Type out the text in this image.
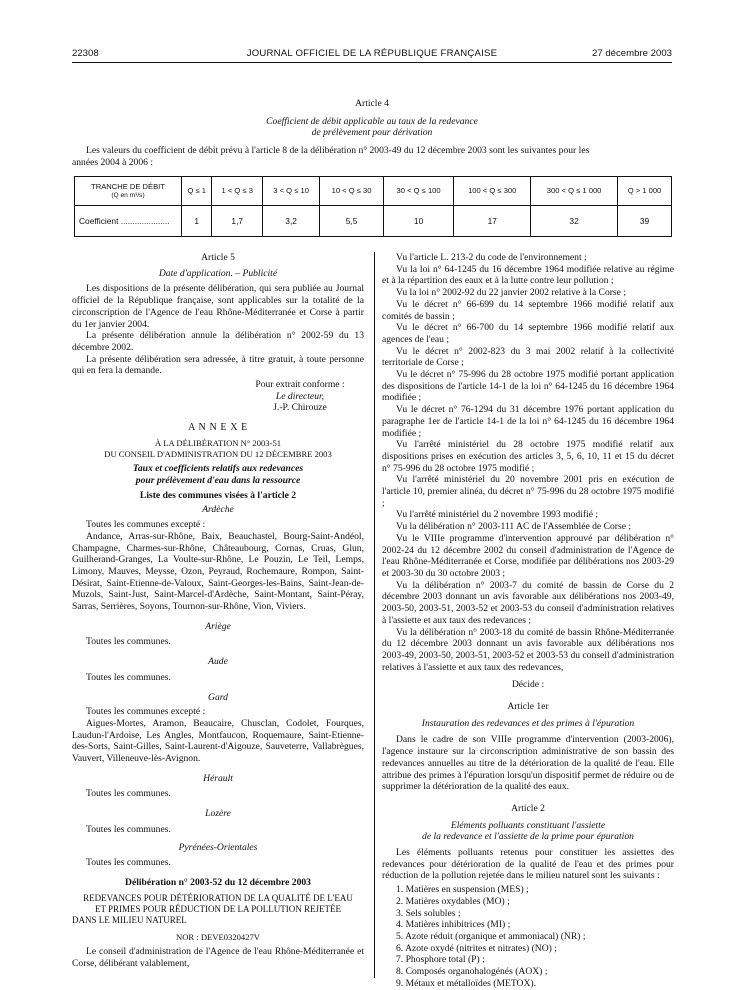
22308	JOURNAL OFFICIEL DE LA RÉPUBLIQUE FRANÇAISE	27 décembre 2003
Article 4
Coefficient de débit applicable au taux de la redevance
de prélèvement pour dérivation
Les valeurs du coefficient de débit prévu à l'article 8 de la délibération n° 2003-49 du 12 décembre 2003 sont les suivantes pour les
années 2004 à 2006 :
TRANCHE DE DÉBIT
(Q en m³/s)	Q ≤ 1	1 < Q ≤ 3	3 < Q ≤ 10	10 < Q ≤ 30	30 < Q ≤ 100	100 < Q ≤ 300	300 < Q ≤ 1 000	Q > 1 000
Coefficient .....................	1	1,7	3,2	5,5	10	17	32	39
Article 5
Date d'application. – Publicité

Les dispositions de la présente délibération, qui sera publiée au Journal officiel de la République française, sont applicables sur la totalité de la circonscription de l'Agence de l'eau Rhône-Méditerranée et Corse à partir du 1er janvier 2004.

La présente délibération annule la délibération n° 2002-59 du 13 décembre 2002.

La présente délibération sera adressée, à titre gratuit, à toute personne qui en fera la demande.

Pour extrait conforme :
Le directeur,
J.-P. Chirouze
A N N E X E
À LA DÉLIBÉRATION N° 2003-51
DU CONSEIL D'ADMINISTRATION DU 12 DÉCEMBRE 2003
Taux et coefficients relatifs aux redevances
pour prélèvement d'eau dans la ressource
Liste des communes visées à l'article 2
Ardèche

Toutes les communes excepté :

Andance, Arras-sur-Rhône, Baix, Beauchastel, Bourg-Saint-Andéol, Champagne, Charmes-sur-Rhône, Châteaubourg, Cornas, Cruas, Glun, Guilherand-Granges, La Voulte-sur-Rhône, Le Pouzin, Le Teil, Lemps, Limony, Mauves, Meysse, Ozon, Peyraud, Rochemaure, Rompon, Saint-Désirat, Saint-Etienne-de-Valoux, Saint-Georges-les-Bains, Saint-Jean-de-Muzols, Saint-Just, Saint-Marcel-d'Ardèche, Saint-Montant, Saint-Péray, Sarras, Serrières, Soyons, Tournon-sur-Rhône, Vion, Viviers.

Ariège

Toutes les communes.

Aude

Toutes les communes.

Gard

Toutes les communes excepté :

Aigues-Mortes, Aramon, Beaucaire, Chusclan, Codolet, Fourques, Laudun-l'Ardoise, Les Angles, Montfaucon, Roquemaure, Saint-Etienne-des-Sorts, Saint-Gilles, Saint-Laurent-d'Aigouze, Sauveterre, Vallabrègues, Vauvert, Villeneuve-lès-Avignon.

Hérault

Toutes les communes.

Lozère

Toutes les communes.

Pyrénées-Orientales

Toutes les communes.

Délibération n° 2003-52 du 12 décembre 2003
REDEVANCES POUR DÉTÉRIORATION DE LA QUALITÉ DE L'EAU
ET PRIMES POUR RÉDUCTION DE LA POLLUTION REJETÉE
DANS LE MILIEU NATUREL
NOR : DEVE0320427V

Le conseil d'administration de l'Agence de l'eau Rhône-Méditerranée et Corse, délibérant valablement,

Vu l'article L. 213-2 du code de l'environnement ;

Vu la loi n° 64-1245 du 16 décembre 1964 modifiée relative au régime et à la répartition des eaux et à la lutte contre leur pollution ;

Vu la loi n° 2002-92 du 22 janvier 2002 relative à la Corse ;

Vu le décret n° 66-699 du 14 septembre 1966 modifié relatif aux comités de bassin ;

Vu le décret n° 66-700 du 14 septembre 1966 modifié relatif aux agences de l'eau ;

Vu le décret n° 2002-823 du 3 mai 2002 relatif à la collectivité territoriale de Corse ;

Vu le décret n° 75-996 du 28 octobre 1975 modifié portant application des dispositions de l'article 14-1 de la loi n° 64-1245 du 16 décembre 1964 modifiée ;

Vu le décret n° 76-1294 du 31 décembre 1976 portant application du paragraphe 1er de l'article 14-1 de la loi n° 64-1245 du 16 décembre 1964 modifiée ;

Vu l'arrêté ministériel du 28 octobre 1975 modifié relatif aux dispositions prises en exécution des articles 3, 5, 6, 10, 11 et 15 du décret n° 75-996 du 28 octobre 1975 modifié ;

Vu l'arrêté ministériel du 20 novembre 2001 pris en exécution de l'article 10, premier alinéa, du décret n° 75-996 du 28 octobre 1975 modifié ;

Vu l'arrêté ministériel du 2 novembre 1993 modifié ;

Vu la délibération n° 2003-111 AC de l'Assemblée de Corse ;

Vu le VIIIe programme d'intervention approuvé par délibération n° 2002-24 du 12 décembre 2002 du conseil d'administration de l'Agence de l'eau Rhône-Méditerranée et Corse, modifiée par délibérations nos 2003-29 et 2003-30 du 30 octobre 2003 ;

Vu la délibération n° 2003-7 du comité de bassin de Corse du 2 décembre 2003 donnant un avis favorable aux délibérations nos 2003-49, 2003-50, 2003-51, 2003-52 et 2003-53 du conseil d'administration relatives à l'assiette et aux taux des redevances ;

Vu la délibération n° 2003-18 du comité de bassin Rhône-Méditerranée du 12 décembre 2003 donnant un avis favorable aux délibérations nos 2003-49, 2003-50, 2003-51, 2003-52 et 2003-53 du conseil d'administration relatives à l'assiette et aux taux des redevances,

Décide :
Article 1er
Instauration des redevances et des primes à l'épuration

Dans le cadre de son VIIIe programme d'intervention (2003-2006), l'agence instaure sur la circonscription administrative de son bassin des redevances annuelles au titre de la détérioration de la qualité de l'eau. Elle attribue des primes à l'épuration lorsqu'un dispositif permet de réduire ou de supprimer la détérioration de la qualité des eaux.

Article 2
Eléments polluants constituant l'assiette
de la redevance et l'assiette de la prime pour épuration

Les éléments polluants retenus pour constituer les assiettes des redevances pour détérioration de la qualité de l'eau et des primes pour réduction de la pollution rejetée dans le milieu naturel sont les suivants :

1. Matières en suspension (MES) ;
2. Matières oxydables (MO) ;
3. Sels solubles ;
4. Matières inhibitrices (MI) ;
5. Azote réduit (organique et ammoniacal) (NR) ;
6. Azote oxydé (nitrites et nitrates) (NO) ;
7. Phosphore total (P) ;
8. Composés organohalogénés (AOX) ;
9. Métaux et métalloïdes (METOX).
